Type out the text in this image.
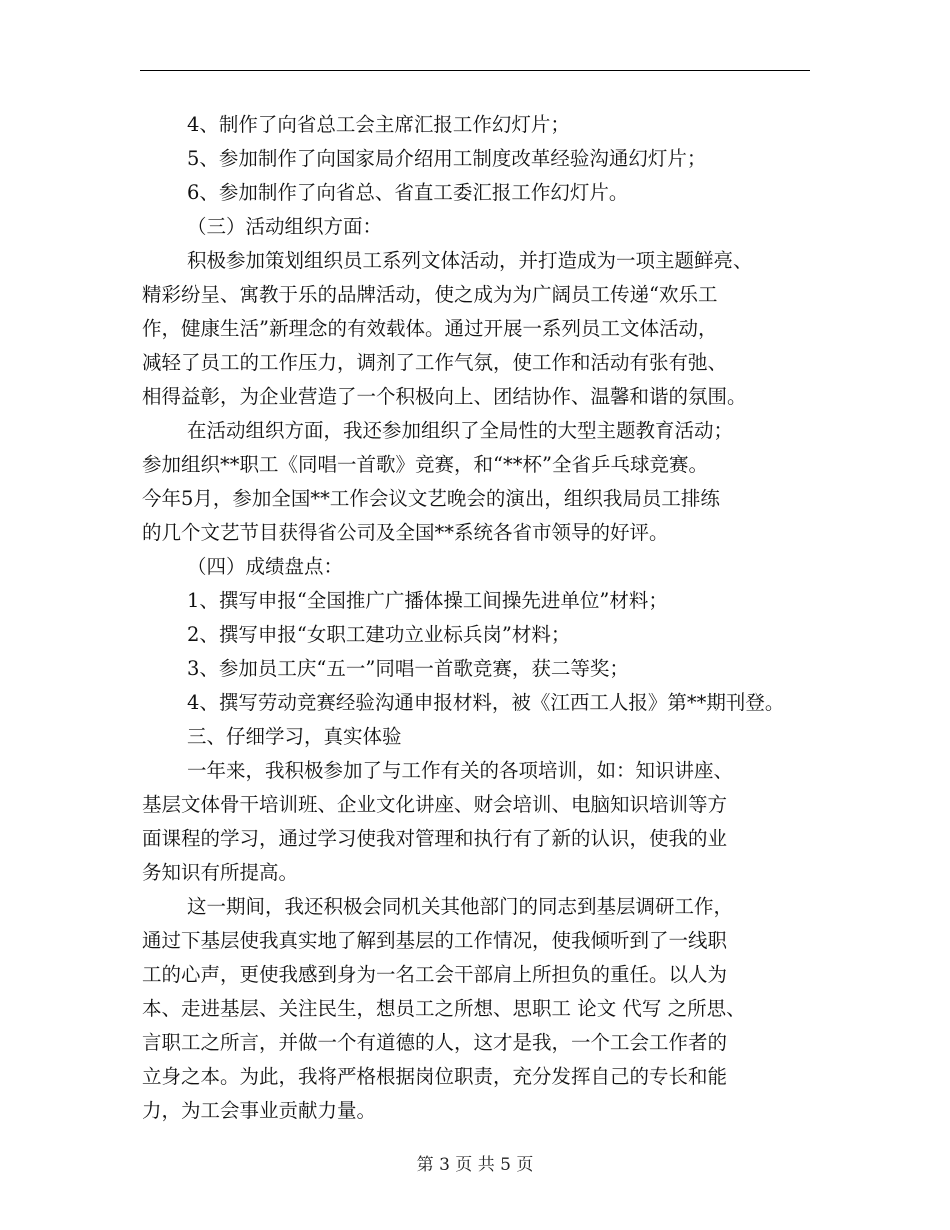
4、制作了向省总工会主席汇报工作幻灯片；

5、参加制作了向国家局介绍用工制度改革经验沟通幻灯片；

6、参加制作了向省总、省直工委汇报工作幻灯片。

（三）活动组织方面：

积极参加策划组织员工系列文体活动，并打造成为一项主题鲜亮、

精彩纷呈、寓教于乐的品牌活动，使之成为为广阔员工传递“欢乐工

作，健康生活”新理念的有效载体。通过开展一系列员工文体活动，

减轻了员工的工作压力，调剂了工作气氛，使工作和活动有张有弛、

相得益彰，为企业营造了一个积极向上、团结协作、温馨和谐的氛围。

在活动组织方面，我还参加组织了全局性的大型主题教育活动；

参加组织**职工《同唱一首歌》竞赛，和“**杯”全省乒乓球竞赛。

今年5月，参加全国**工作会议文艺晚会的演出，组织我局员工排练

的几个文艺节目获得省公司及全国**系统各省市领导的好评。

（四）成绩盘点：

1、撰写申报“全国推广广播体操工间操先进单位”材料；

2、撰写申报“女职工建功立业标兵岗”材料；

3、参加员工庆“五一”同唱一首歌竞赛，获二等奖；

4、撰写劳动竞赛经验沟通申报材料，被《江西工人报》第**期刊登。

三、仔细学习，真实体验

一年来，我积极参加了与工作有关的各项培训，如：知识讲座、

基层文体骨干培训班、企业文化讲座、财会培训、电脑知识培训等方

面课程的学习，通过学习使我对管理和执行有了新的认识，使我的业

务知识有所提高。

这一期间，我还积极会同机关其他部门的同志到基层调研工作，

通过下基层使我真实地了解到基层的工作情况，使我倾听到了一线职

工的心声，更使我感到身为一名工会干部肩上所担负的重任。以人为

本、走进基层、关注民生，想员工之所想、思职工 论文 代写 之所思、

言职工之所言，并做一个有道德的人，这才是我，一个工会工作者的

立身之本。为此，我将严格根据岗位职责，充分发挥自己的专长和能

力，为工会事业贡献力量。

第 3 页 共 5 页
